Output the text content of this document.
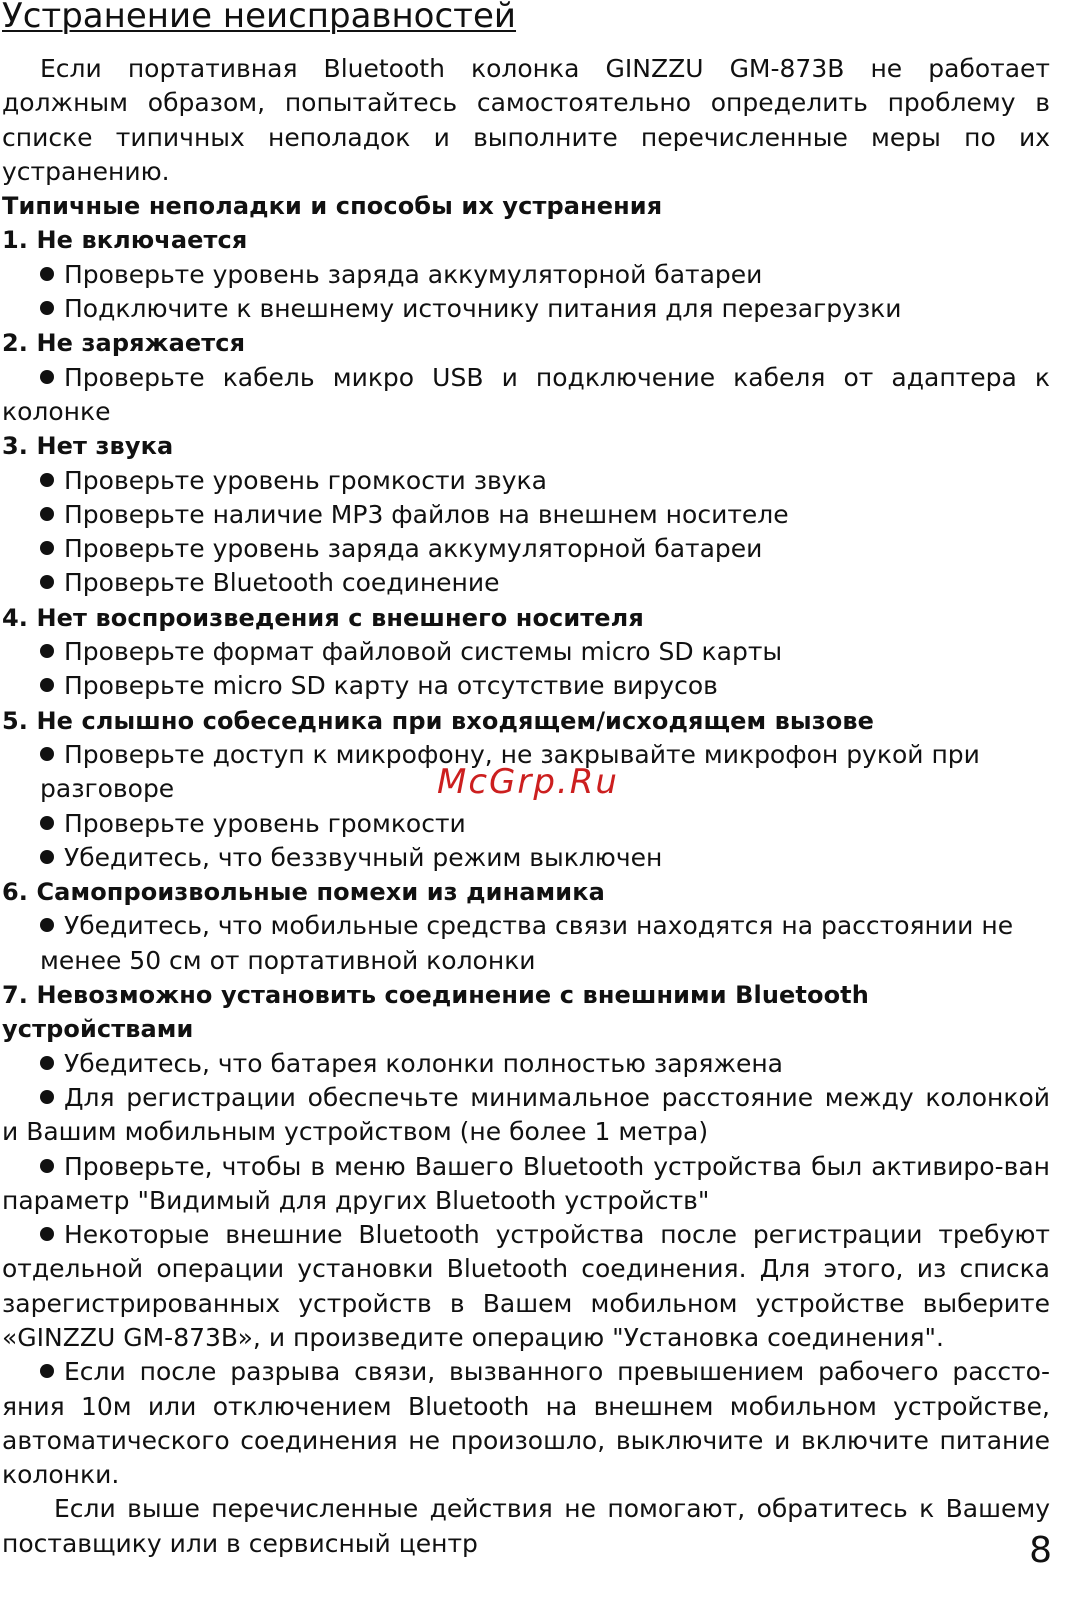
Устранение неисправностей

Если портативная Bluetooth колонка GINZZU GM-873B не работает должным образом, попытайтесь самостоятельно определить проблему в списке типичных неполадок и выполните перечисленные меры по их устранению.

Типичные неполадки и способы их устранения
1. Не включается
Проверьте уровень заряда аккумуляторной батареи
Подключите к внешнему источнику питания для перезагрузки
2. Не заряжается
Проверьте кабель микро USB и подключение кабеля от адаптера к колонке
3. Нет звука
Проверьте уровень громкости звука
Проверьте наличие MP3 файлов на внешнем носителе
Проверьте уровень заряда аккумуляторной батареи
Проверьте Bluetooth соединение
4. Нет воспроизведения с внешнего носителя
Проверьте формат файловой системы micro SD карты
Проверьте micro SD карту на отсутствие вирусов
5. Не слышно собеседника при входящем/исходящем вызове
Проверьте доступ к микрофону, не закрывайте микрофон рукой при разговоре
Проверьте уровень громкости
Убедитесь, что беззвучный режим выключен
6. Самопроизвольные помехи из динамика
Убедитесь, что мобильные средства связи находятся на расстоянии не менее 50 см от портативной колонки
7. Невозможно установить соединение с внешними Bluetooth устройствами
Убедитесь, что батарея колонки полностью заряжена
Для регистрации обеспечьте минимальное расстояние между колонкой и Вашим мобильным устройством (не более 1 метра)
Проверьте, чтобы в меню Вашего Bluetooth устройства был активиро-ван параметр "Видимый для других Bluetooth устройств"
Некоторые внешние Bluetooth устройства после регистрации требуют отдельной операции установки Bluetooth соединения. Для этого, из списка зарегистрированных устройств в Вашем мобильном устройстве выберите «GINZZU GM-873B», и произведите операцию "Установка соединения".
Если после разрыва связи, вызванного превышением рабочего рассто-яния 10м или отключением Bluetooth на внешнем мобильном устройстве, автоматического соединения не произошло, выключите и включите питание колонки.

Если выше перечисленные действия не помогают, обратитесь к Вашему поставщику или в сервисный центр

McGrp.Ru
8
